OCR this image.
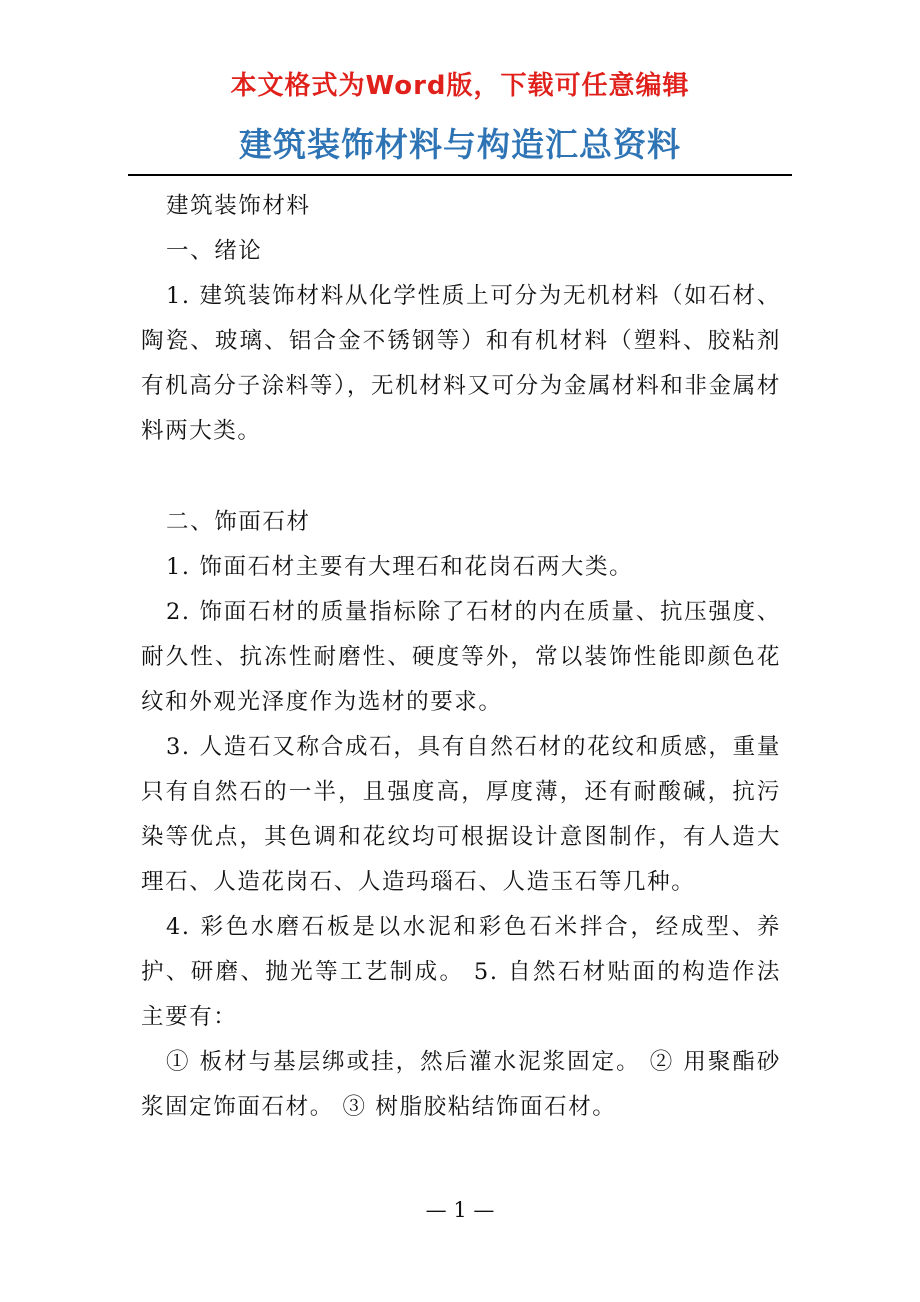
本文格式为Word版，下载可任意编辑
建筑装饰材料与构造汇总资料

建筑装饰材料

一、绪论

1. 建筑装饰材料从化学性质上可分为无机材料（如石材、陶瓷、玻璃、铝合金不锈钢等）和有机材料（塑料、胶粘剂有机高分子涂料等），无机材料又可分为金属材料和非金属材料两大类。

二、饰面石材

1. 饰面石材主要有大理石和花岗石两大类。

2. 饰面石材的质量指标除了石材的内在质量、抗压强度、耐久性、抗冻性耐磨性、硬度等外，常以装饰性能即颜色花纹和外观光泽度作为选材的要求。

3. 人造石又称合成石，具有自然石材的花纹和质感，重量只有自然石的一半，且强度高，厚度薄，还有耐酸碱，抗污染等优点，其色调和花纹均可根据设计意图制作，有人造大理石、人造花岗石、人造玛瑙石、人造玉石等几种。

4. 彩色水磨石板是以水泥和彩色石米拌合，经成型、养护、研磨、抛光等工艺制成。 5. 自然石材贴面的构造作法主要有：

① 板材与基层绑或挂，然后灌水泥浆固定。 ② 用聚酯砂浆固定饰面石材。 ③ 树脂胶粘结饰面石材。

— 1 —
